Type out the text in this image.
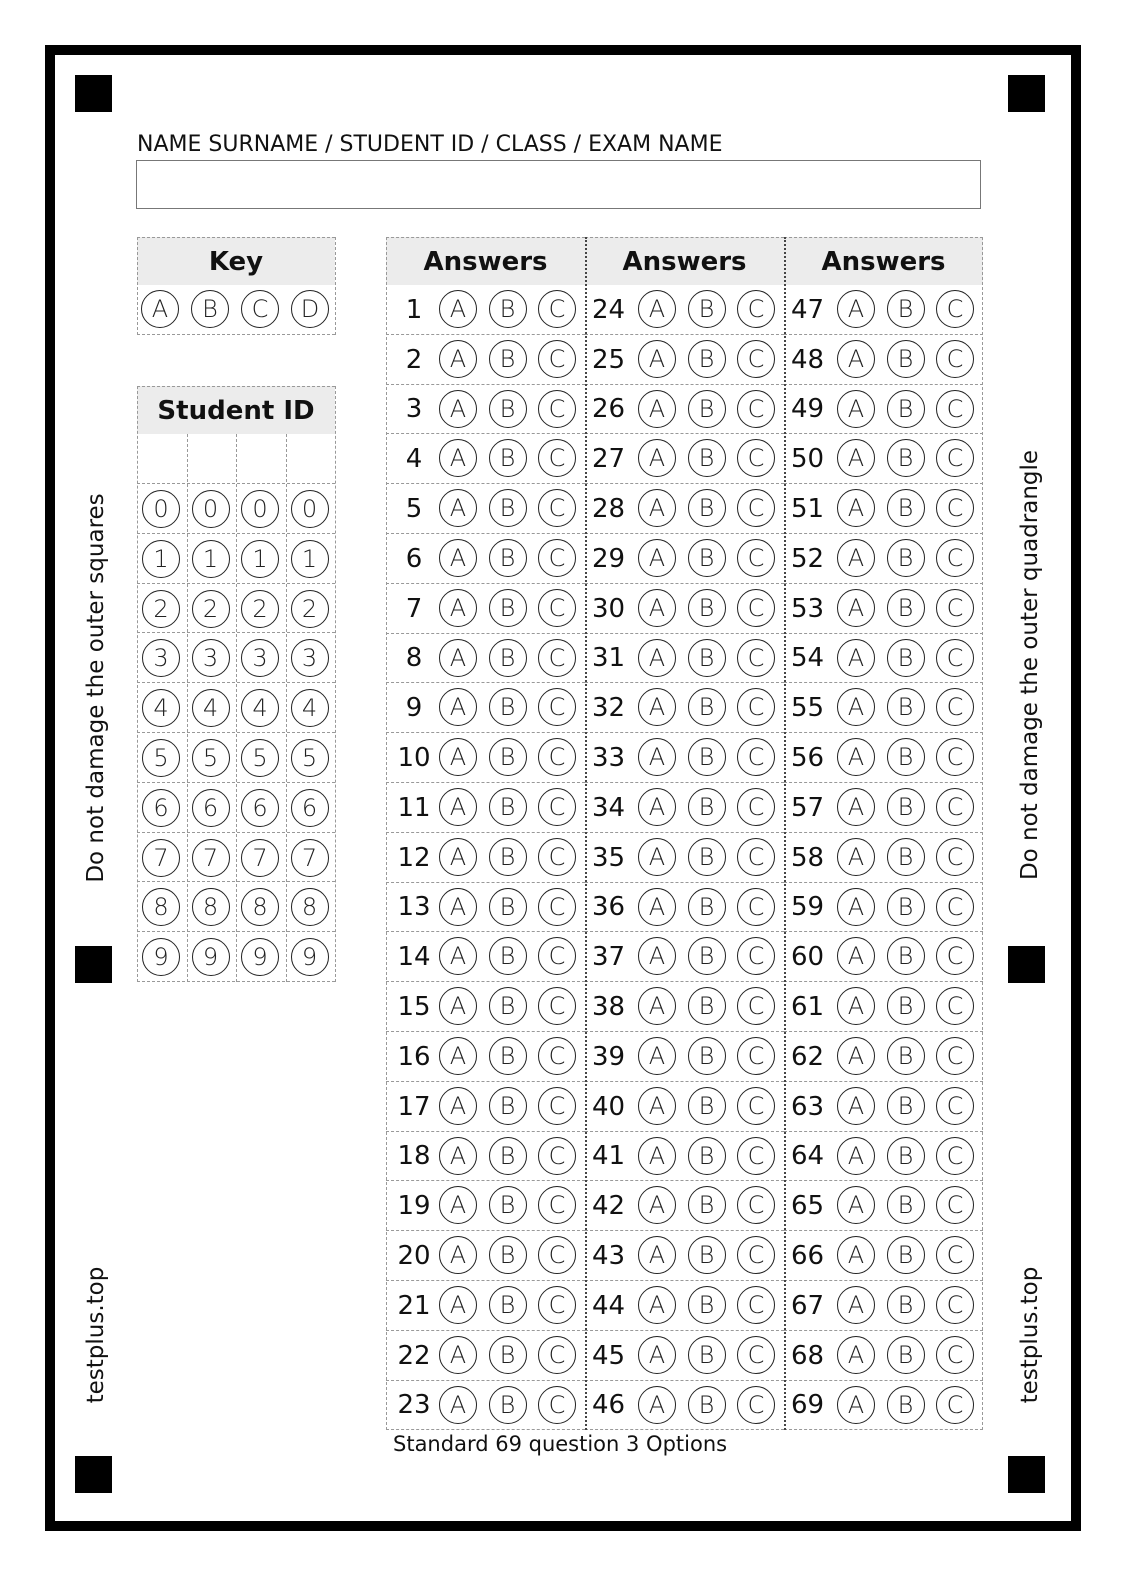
Do not damage the outer squares	Do not damage the outer quadrangle
testplus.top	testplus.top
NAME SURNAME / STUDENT ID / CLASS / EXAM NAME
Key
A	B	C	D
Student ID
0	0	0	0
1	1	1	1
2	2	2	2
3	3	3	3
4	4	4	4
5	5	5	5
6	6	6	6
7	7	7	7
8	8	8	8
9	9	9	9
Answers
1	A	B	C
2	A	B	C
3	A	B	C
4	A	B	C
5	A	B	C
6	A	B	C
7	A	B	C
8	A	B	C
9	A	B	C
10 A	B	C
11 A	B	C
12 A	B	C
13 A	B	C
14 A	B	C
15 A	B	C
16 A	B	C
17 A	B	C
18 A	B	C
19 A	B	C
20 A	B	C
21 A	B	C
22 A	B	C
23 A	B	C
Answers
24 A	B	C
25 A	B	C
26 A	B	C
27 A	B	C
28 A	B	C
29 A	B	C
30 A	B	C
31 A	B	C
32 A	B	C
33 A	B	C
34 A	B	C
35 A	B	C
36 A	B	C
37 A	B	C
38 A	B	C
39 A	B	C
40 A	B	C
41 A	B	C
42 A	B	C
43 A	B	C
44 A	B	C
45 A	B	C
46 A	B	C
Answers
47 A	B	C
48 A	B	C
49 A	B	C
50 A	B	C
51 A	B	C
52 A	B	C
53 A	B	C
54 A	B	C
55 A	B	C
56 A	B	C
57 A	B	C
58 A	B	C
59 A	B	C
60 A	B	C
61 A	B	C
62 A	B	C
63 A	B	C
64 A	B	C
65 A	B	C
66 A	B	C
67 A	B	C
68 A	B	C
69 A	B	C
Standard 69 question 3 Options
